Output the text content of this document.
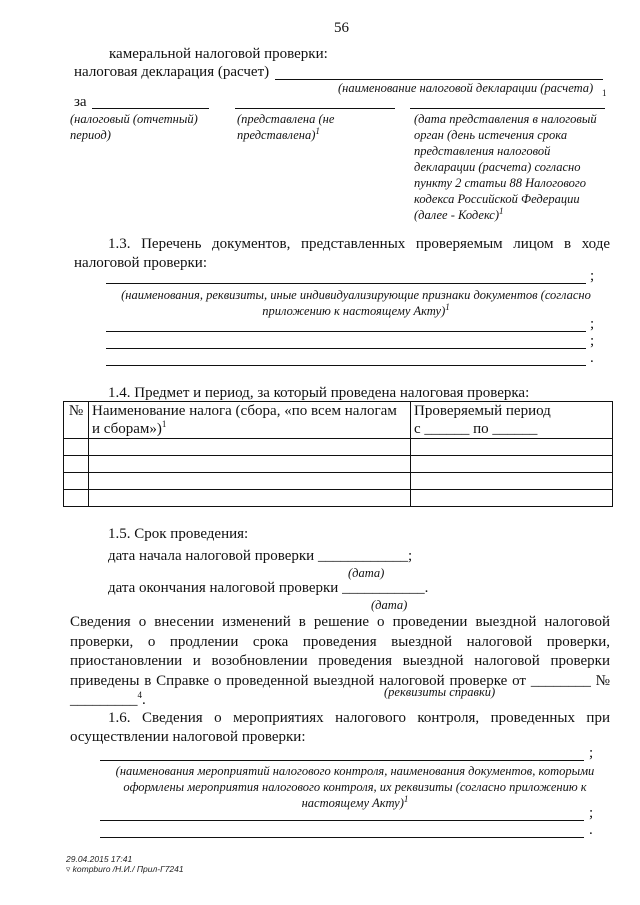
56
камеральной налоговой проверки:
налоговая декларация (расчет)
(наименование налоговой декларации (расчета) 1
за
(налоговый (отчетный) период)
(представлена (не представлена)$^1$
(дата представления в налоговый орган (день истечения срока представления налоговой декларации (расчета) согласно пункту 2 статьи 88 Налогового кодекса Российской Федерации (далее - Кодекс)$^1$
1.3. Перечень документов, представленных проверяемым лицом в ходе налоговой проверки:
;
(наименования, реквизиты, иные индивидуализирующие признаки документов (согласно приложению к настоящему Акту)$^1$
;
;
.
1.4. Предмет и период, за который проведена налоговая проверка:
№	Наименование налога (сбора, «по всем налогам и сборам»)$^1$	Проверяемый период
с ______ по ______

1.5. Срок проведения:
дата начала налоговой проверки ____________;
(дата)
дата окончания налоговой проверки ___________.
(дата)
Сведения о внесении изменений в решение о проведении выездной налоговой проверки, о продлении срока проведения выездной налоговой проверки, приостановлении и возобновлении проведения выездной налоговой проверки приведены в Справке о проведенной выездной налоговой проверке от ________ № _________$^4$.	(реквизиты справки)
1.6. Сведения о мероприятиях налогового контроля, проведенных при осуществлении налоговой проверки:
;
(наименования мероприятий налогового контроля, наименования документов, которыми оформлены мероприятия налогового контроля, их реквизиты (согласно приложению к настоящему Акту)$^1$
;
.
29.04.2015 17:41
▿ kompburo /Н.И./ Прил-Г7241
